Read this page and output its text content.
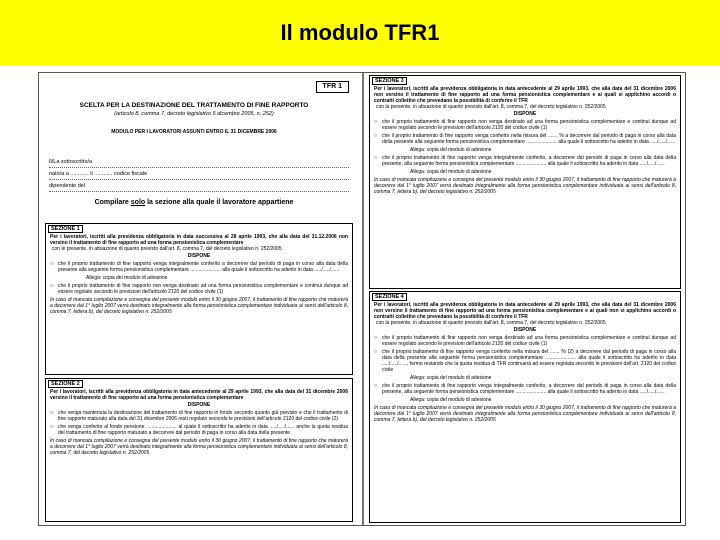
Il modulo TFR1
TFR 1
SCELTA PER LA DESTINAZIONE DEL TRATTAMENTO DI FINE RAPPORTO
(articolo 8, comma 7, decreto legislativo 5 dicembre 2005, n. 252)
MODULO PER I LAVORATORI ASSUNTI ENTRO IL 31 DICEMBRE 2006
Il/La sottoscritto/a
nato/a a ............ il ............ codice fiscale
dipendente del
Compilare solo la sezione alla quale il lavoratore appartiene
SEZIONE 1
Per i lavoratori, iscritti alla previdenza obbligatoria in data successiva al 28 aprile 1993, che alla data del 31.12.2006 non versino il trattamento di fine rapporto ad una forma pensionistica complementare
con le presente, in attuazione di quanto previsto dall'art. 8, comma 7, del decreto legislativo n. 252/2005
DISPONE
○ che il proprio trattamento di fine rapporto venga integralmente conferito a decorrere dal periodo di paga in corso alla data della presente alla seguente forma pensionistica complementare ...................... alla quale il sottoscritto ha aderito in data ...../...../......
Allega: copia del modulo di adesione
○ che il proprio trattamento di fine rapporto non venga destinato ad una forma pensionistica complementare e continui dunque ad essere regolato secondo le previsioni dell'articolo 2120 del codice civile (1)
In caso di mancata compilazione e consegna del presente modulo entro il 30 giugno 2007, il trattamento di fine rapporto che maturerà a decorrere dal 1° luglio 2007 verrà destinato integralmente alla forma pensionistica complementare individuata ai sensi dell'articolo 8, comma 7, lettera b), del decreto legislativo n. 252/2005
SEZIONE 2
Per i lavoratori, iscritti alla previdenza obbligatoria in data antecedente al 29 aprile 1993, che alla data del 31 dicembre 2006 versino il trattamento di fine rapporto ad una forma pensionistica complementare
DISPONE
○ che venga mantenuta la destinazione del trattamento di fine rapporto in fondo secondo quanto già previsto e che il trattamento di fine rapporto maturato alla data del 31 dicembre 2006 resti regolato secondo le previsioni dell'articolo 2120 del codice civile (2)
○ che venga conferito al fondo pensione ...................... al quale il sottoscritto ha aderito in data ...../...../...... anche la quota residua del trattamento di fine rapporto maturato a decorrere dal periodo di paga in corso alla data della presente
In caso di mancata compilazione e consegna del presente modulo entro il 30 giugno 2007, il trattamento di fine rapporto che maturerà a decorrere dal 1° luglio 2007 verrà destinato integralmente alla forma pensionistica complementare individuata ai sensi dell'articolo 8, comma 7, del decreto legislativo n. 252/2005
SEZIONE 3
Per i lavoratori, iscritti alla previdenza obbligatoria in data antecedente al 29 aprile 1993, che alla data del 31 dicembre 2006 non versino il trattamento di fine rapporto ad una forma pensionistica complementare e ai quali si applichino accordi o contratti collettivi che prevedano la possibilità di conferire il TFR
con la presente, in attuazione di quanto previsto dall'art. 8, comma 7, del decreto legislativo n. 252/2005
DISPONE
○ che il proprio trattamento di fine rapporto non venga destinato ad una forma pensionistica complementare e continui dunque ad essere regolato secondo le previsioni dell'articolo 2120 del codice civile (1)
○ che il proprio trattamento di fine rapporto venga conferito nella misura del ....... % a decorrere dal periodo di paga in corso alla data della presente alla seguente forma pensionistica complementare ...................... alla quale il sottoscritto ha aderito in data ...../...../......
Allega: copia del modulo di adesione
○ che il proprio trattamento di fine rapporto venga integralmente conferito, a decorrere dal periodo di paga in corso alla data della presente, alla seguente forma pensionistica complementare ...................... alla quale il sottoscritto ha aderito in data ...../...../......
Allega: copia del modulo di adesione
In caso di mancata compilazione e consegna del presente modulo entro il 30 giugno 2007, il trattamento di fine rapporto che maturerà a decorrere dal 1° luglio 2007 verrà destinato integralmente alla forma pensionistica complementare individuata ai sensi dell'articolo 8, comma 7, lettera b), del decreto legislativo n. 252/2005
SEZIONE 4
Per i lavoratori, iscritti alla previdenza obbligatoria in data antecedente al 29 aprile 1993, che alla data del 31 dicembre 2006 non versino il trattamento di fine rapporto ad una forma pensionistica complementare e ai quali non si applichino accordi o contratti collettivi che prevedano la possibilità di conferire il TFR
con la presente, in attuazione di quanto previsto dall'art. 8, comma 7, del decreto legislativo n. 252/2005
DISPONE
○ che il proprio trattamento di fine rapporto non venga destinato ad una forma pensionistica complementare e continui dunque ad essere regolato secondo le previsioni dell'articolo 2120 del codice civile (1)
○ che il proprio trattamento di fine rapporto venga conferito nella misura del ....... % (2) a decorrere dal periodo di paga in corso alla data della presente alla seguente forma pensionistica complementare ...................... alla quale il sottoscritto ha aderito in data ...../...../......, fermo restando che la quota residua di TFR continuerà ad essere regolata secondo le previsioni dell'art. 2120 del codice civile
Allega: copia del modulo di adesione
○ che il proprio trattamento di fine rapporto venga integralmente conferito, a decorrere dal periodo di paga in corso alla data della presente, alla seguente forma pensionistica complementare ...................... alla quale il sottoscritto ha aderito in data ...../...../......
Allega: copia del modulo di adesione
In caso di mancata compilazione e consegna del presente modulo entro il 30 giugno 2007, il trattamento di fine rapporto che maturerà a decorrere dal 1° luglio 2007 verrà destinato integralmente alla forma pensionistica complementare individuata ai sensi dell'articolo 8, comma 7, lettera b), del decreto legislativo n. 252/2005
